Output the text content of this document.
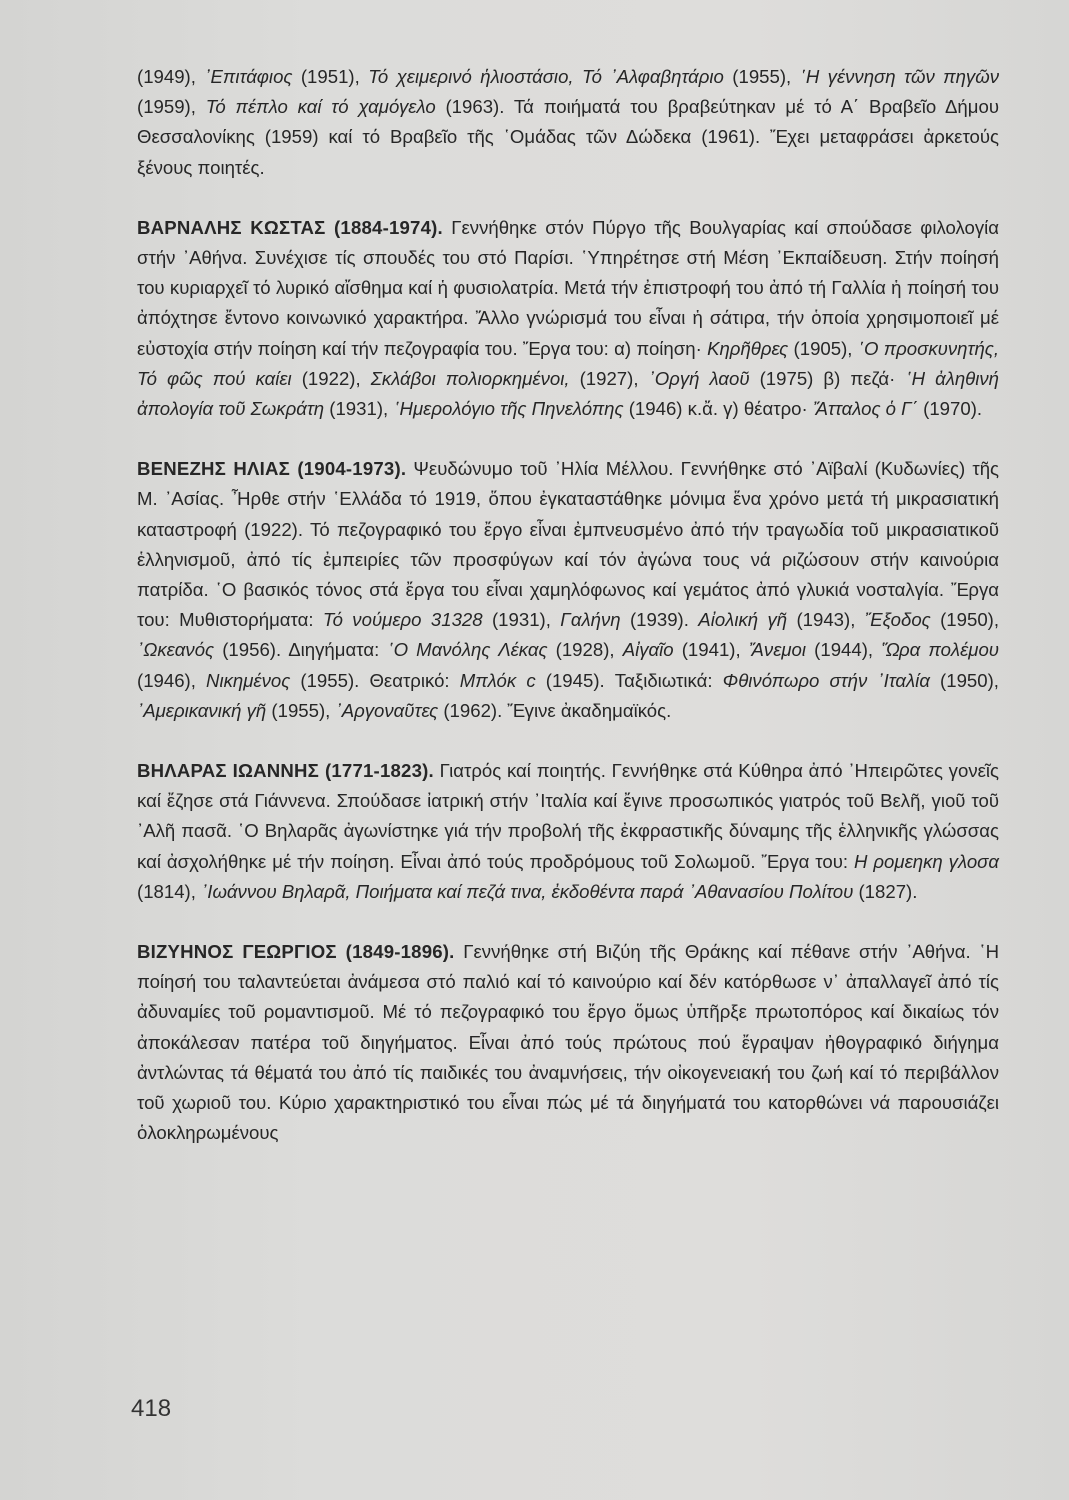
(1949), ᾿Επιτάφιος (1951), Τό χειμερινό ἡλιοστάσιο, Τό ᾿Αλφαβητάριο (1955), ῾Η γέννηση τῶν πηγῶν (1959), Τό πέπλο καί τό χαμόγελο (1963). Τά ποιήματά του βραβεύτηκαν μέ τό Α΄ Βραβεῖο Δήμου Θεσσαλονίκης (1959) καί τό Βραβεῖο τῆς ῾Ομάδας τῶν Δώδεκα (1961). Ἔχει μεταφράσει ἀρκετούς ξένους ποιητές.

ΒΑΡΝΑΛΗΣ ΚΩΣΤΑΣ (1884-1974). Γεννήθηκε στόν Πύργο τῆς Βουλγαρίας καί σπούδασε φιλολογία στήν ᾿Αθήνα. Συνέχισε τίς σπουδές του στό Παρίσι. ῾Υπηρέτησε στή Μέση ᾿Εκπαίδευση. Στήν ποίησή του κυριαρχεῖ τό λυρικό αἴσθημα καί ἡ φυσιολατρία. Μετά τήν ἐπιστροφή του ἀπό τή Γαλλία ἡ ποίησή του ἀπόχτησε ἔντονο κοινωνικό χαρακτήρα. Ἄλλο γνώρισμά του εἶναι ἡ σάτιρα, τήν ὁποία χρησιμοποιεῖ μέ εὐστοχία στήν ποίηση καί τήν πεζογραφία του. Ἔργα του: α) ποίηση· Κηρῆθρες (1905), ῾Ο προσκυνητής, Τό φῶς πού καίει (1922), Σκλάβοι πολιορκημένοι, (1927), ᾿Οργή λαοῦ (1975) β) πεζά· ῾Η ἀληθινή ἀπολογία τοῦ Σωκράτη (1931), ῾Ημερολόγιο τῆς Πηνελόπης (1946) κ.ἄ. γ) θέατρο· Ἄτταλος ὁ Γ΄ (1970).

ΒΕΝΕΖΗΣ ΗΛΙΑΣ (1904-1973). Ψευδώνυμο τοῦ ᾿Ηλία Μέλλου. Γεννήθηκε στό ᾿Αϊβαλί (Κυδωνίες) τῆς Μ. ᾿Ασίας. Ἦρθε στήν ῾Ελλάδα τό 1919, ὅπου ἐγκαταστάθηκε μόνιμα ἕνα χρόνο μετά τή μικρασιατική καταστροφή (1922). Τό πεζογραφικό του ἔργο εἶναι ἐμπνευσμένο ἀπό τήν τραγωδία τοῦ μικρασιατικοῦ ἑλληνισμοῦ, ἀπό τίς ἐμπειρίες τῶν προσφύγων καί τόν ἀγώνα τους νά ριζώσουν στήν καινούρια πατρίδα. ῾Ο βασικός τόνος στά ἔργα του εἶναι χαμηλόφωνος καί γεμάτος ἀπό γλυκιά νοσταλγία. Ἔργα του: Μυθιστορήματα: Τό νούμερο 31328 (1931), Γαλήνη (1939). Αἰολική γῆ (1943), Ἔξοδος (1950), ᾿Ωκεανός (1956). Διηγήματα: ῾Ο Μανόλης Λέκας (1928), Αἰγαῖο (1941), Ἄνεμοι (1944), Ὥρα πολέμου (1946), Νικημένος (1955). Θεατρικό: Μπλόκ c (1945). Ταξιδιωτικά: Φθινόπωρο στήν ᾿Ιταλία (1950), ᾿Αμερικανική γῆ (1955), ᾿Αργοναῦτες (1962). Ἔγινε ἀκαδημαϊκός.

ΒΗΛΑΡΑΣ ΙΩΑΝΝΗΣ (1771-1823). Γιατρός καί ποιητής. Γεννήθηκε στά Κύθηρα ἀπό ᾿Ηπειρῶτες γονεῖς καί ἔζησε στά Γιάννενα. Σπούδασε ἰατρική στήν ᾿Ιταλία καί ἔγινε προσωπικός γιατρός τοῦ Βελῆ, γιοῦ τοῦ ᾿Αλῆ πασᾶ. ῾Ο Βηλαρᾶς ἀγωνίστηκε γιά τήν προβολή τῆς ἐκφραστικῆς δύναμης τῆς ἑλληνικῆς γλώσσας καί ἀσχολήθηκε μέ τήν ποίηση. Εἶναι ἀπό τούς προδρόμους τοῦ Σολωμοῦ. Ἔργα του: Η ρομεηκη γλοσα (1814), ᾿Ιωάννου Βηλαρᾶ, Ποιήματα καί πεζά τινα, ἐκδοθέντα παρά ᾿Αθανασίου Πολίτου (1827).

ΒΙΖΥΗΝΟΣ ΓΕΩΡΓΙΟΣ (1849-1896). Γεννήθηκε στή Βιζύη τῆς Θράκης καί πέθανε στήν ᾿Αθήνα. ῾Η ποίησή του ταλαντεύεται ἀνάμεσα στό παλιό καί τό καινούριο καί δέν κατόρθωσε ν᾿ ἀπαλλαγεῖ ἀπό τίς ἀδυναμίες τοῦ ρομαντισμοῦ. Μέ τό πεζογραφικό του ἔργο ὅμως ὑπῆρξε πρωτοπόρος καί δικαίως τόν ἀποκάλεσαν πατέρα τοῦ διηγήματος. Εἶναι ἀπό τούς πρώτους πού ἔγραψαν ἠθογραφικό διήγημα ἀντλώντας τά θέματά του ἀπό τίς παιδικές του ἀναμνήσεις, τήν οἰκογενειακή του ζωή καί τό περιβάλλον τοῦ χωριοῦ του. Κύριο χαρακτηριστικό του εἶναι πώς μέ τά διηγήματά του κατορθώνει νά παρουσιάζει ὁλοκληρωμένους

418
